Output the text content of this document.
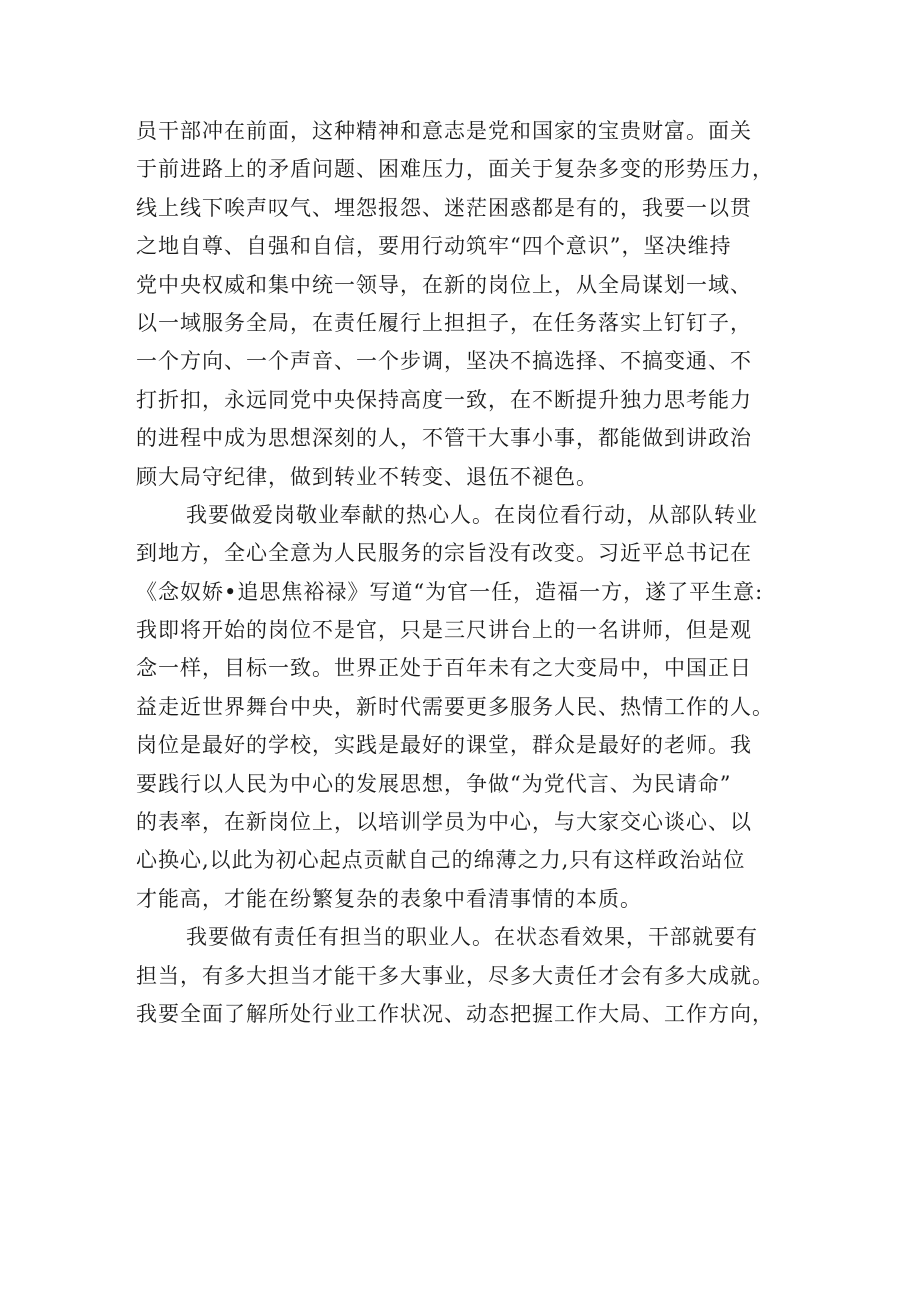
员干部冲在前面，这种精神和意志是党和国家的宝贵财富。面关
于前进路上的矛盾问题、困难压力，面关于复杂多变的形势压力，
线上线下唉声叹气、埋怨报怨、迷茫困惑都是有的，我要一以贯
之地自尊、自强和自信，要用行动筑牢“四个意识”，坚决维持
党中央权威和集中统一领导，在新的岗位上，从全局谋划一域、
以一域服务全局，在责任履行上担担子，在任务落实上钉钉子，
一个方向、一个声音、一个步调，坚决不搞选择、不搞变通、不
打折扣，永远同党中央保持高度一致，在不断提升独力思考能力
的进程中成为思想深刻的人，不管干大事小事，都能做到讲政治
顾大局守纪律，做到转业不转变、退伍不褪色。
我要做爱岗敬业奉献的热心人。在岗位看行动，从部队转业
到地方，全心全意为人民服务的宗旨没有改变。习近平总书记在
《念奴娇•追思焦裕禄》写道“为官一任，造福一方，遂了平生意:
我即将开始的岗位不是官，只是三尺讲台上的一名讲师，但是观
念一样，目标一致。世界正处于百年未有之大变局中，中国正日
益走近世界舞台中央，新时代需要更多服务人民、热情工作的人。
岗位是最好的学校，实践是最好的课堂，群众是最好的老师。我
要践行以人民为中心的发展思想，争做“为党代言、为民请命”
的表率，在新岗位上，以培训学员为中心，与大家交心谈心、以
心换心,以此为初心起点贡献自己的绵薄之力,只有这样政治站位
才能高，才能在纷繁复杂的表象中看清事情的本质。
我要做有责任有担当的职业人。在状态看效果，干部就要有
担当，有多大担当才能干多大事业，尽多大责任才会有多大成就。
我要全面了解所处行业工作状况、动态把握工作大局、工作方向，
